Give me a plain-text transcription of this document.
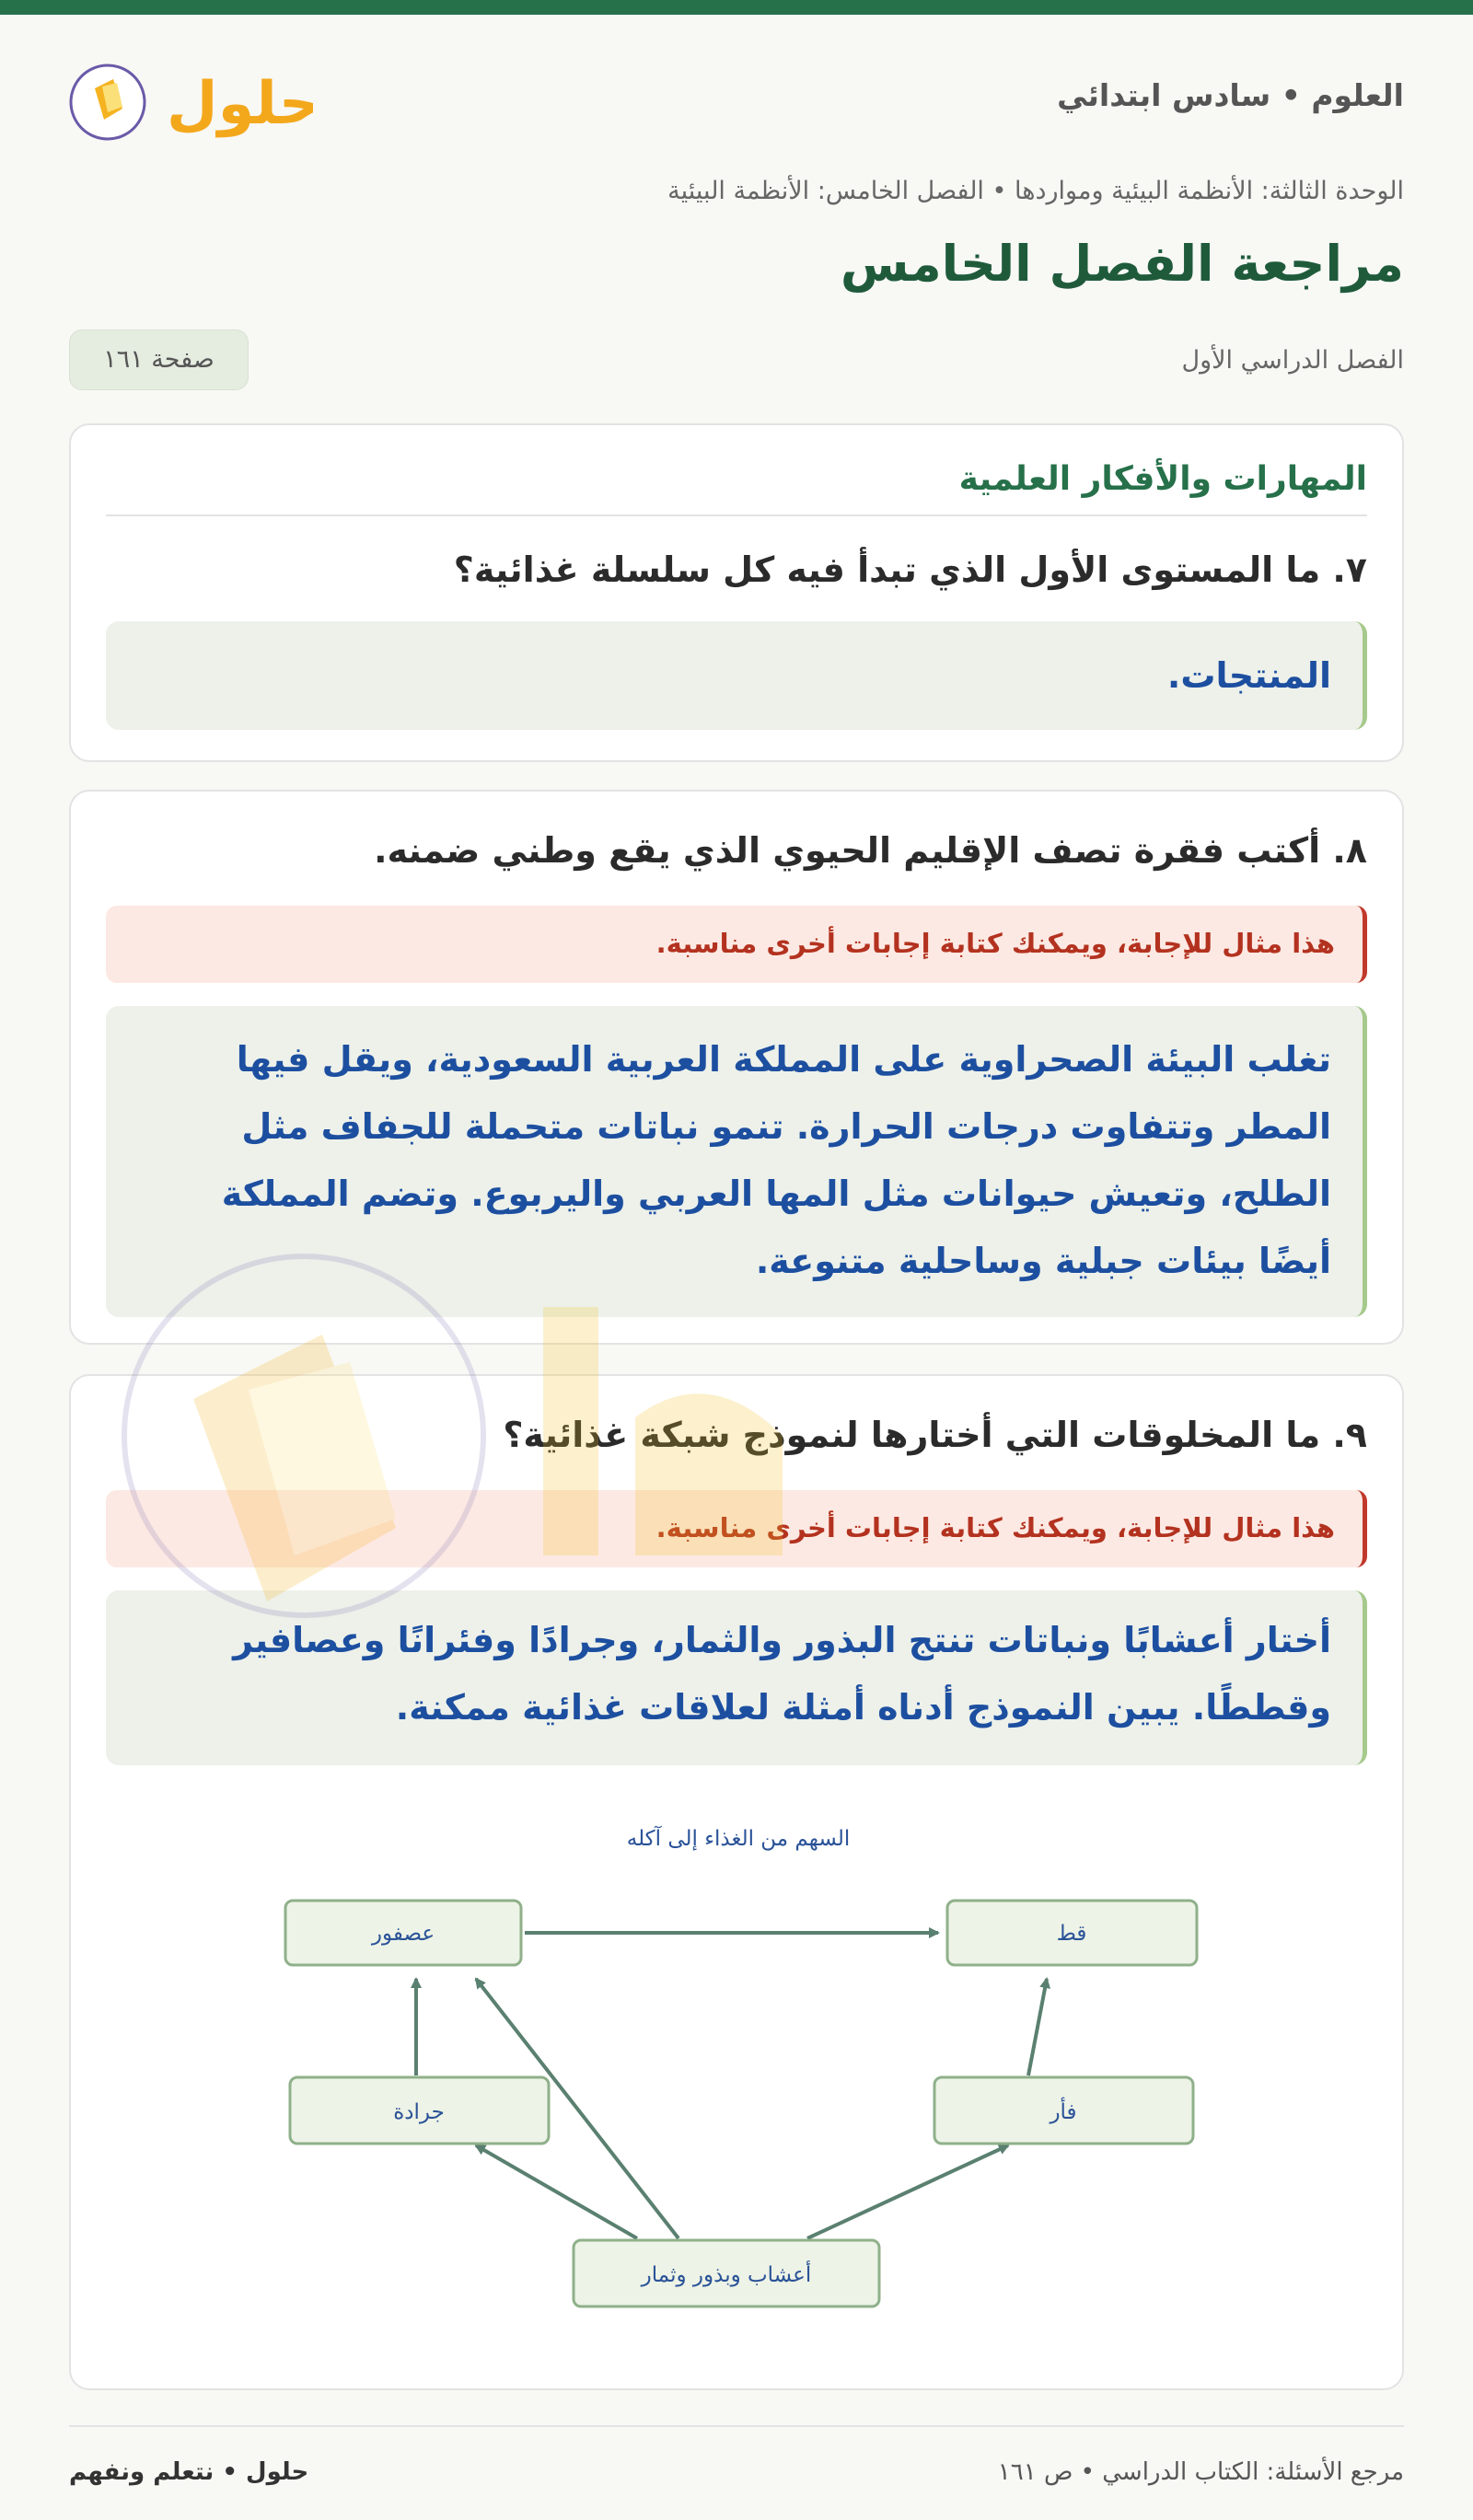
العلوم • سادس ابتدائي
حلول
الوحدة الثالثة: الأنظمة البيئية ومواردها • الفصل الخامس: الأنظمة البيئية
مراجعة الفصل الخامس
الفصل الدراسي الأول
صفحة ١٦١
المهارات والأفكار العلمية
٧. ما المستوى الأول الذي تبدأ فيه كل سلسلة غذائية؟
المنتجات.
٨. أكتب فقرة تصف الإقليم الحيوي الذي يقع وطني ضمنه.
هذا مثال للإجابة، ويمكنك كتابة إجابات أخرى مناسبة.
تغلب البيئة الصحراوية على المملكة العربية السعودية، ويقل فيها المطر وتتفاوت درجات الحرارة. تنمو نباتات متحملة للجفاف مثل الطلح، وتعيش حيوانات مثل المها العربي واليربوع. وتضم المملكة أيضًا بيئات جبلية وساحلية متنوعة.
٩. ما المخلوقات التي أختارها لنموذج شبكة غذائية؟
هذا مثال للإجابة، ويمكنك كتابة إجابات أخرى مناسبة.
أختار أعشابًا ونباتات تنتج البذور والثمار، وجرادًا وفئرانًا وعصافير وقططًا. يبين النموذج أدناه أمثلة لعلاقات غذائية ممكنة.
السهم من الغذاء إلى آكله
عصفور	قط
جرادة	فأر
أعشاب وبذور وثمار
حلول • نتعلم ونفهم	مرجع الأسئلة: الكتاب الدراسي • ص ١٦١
